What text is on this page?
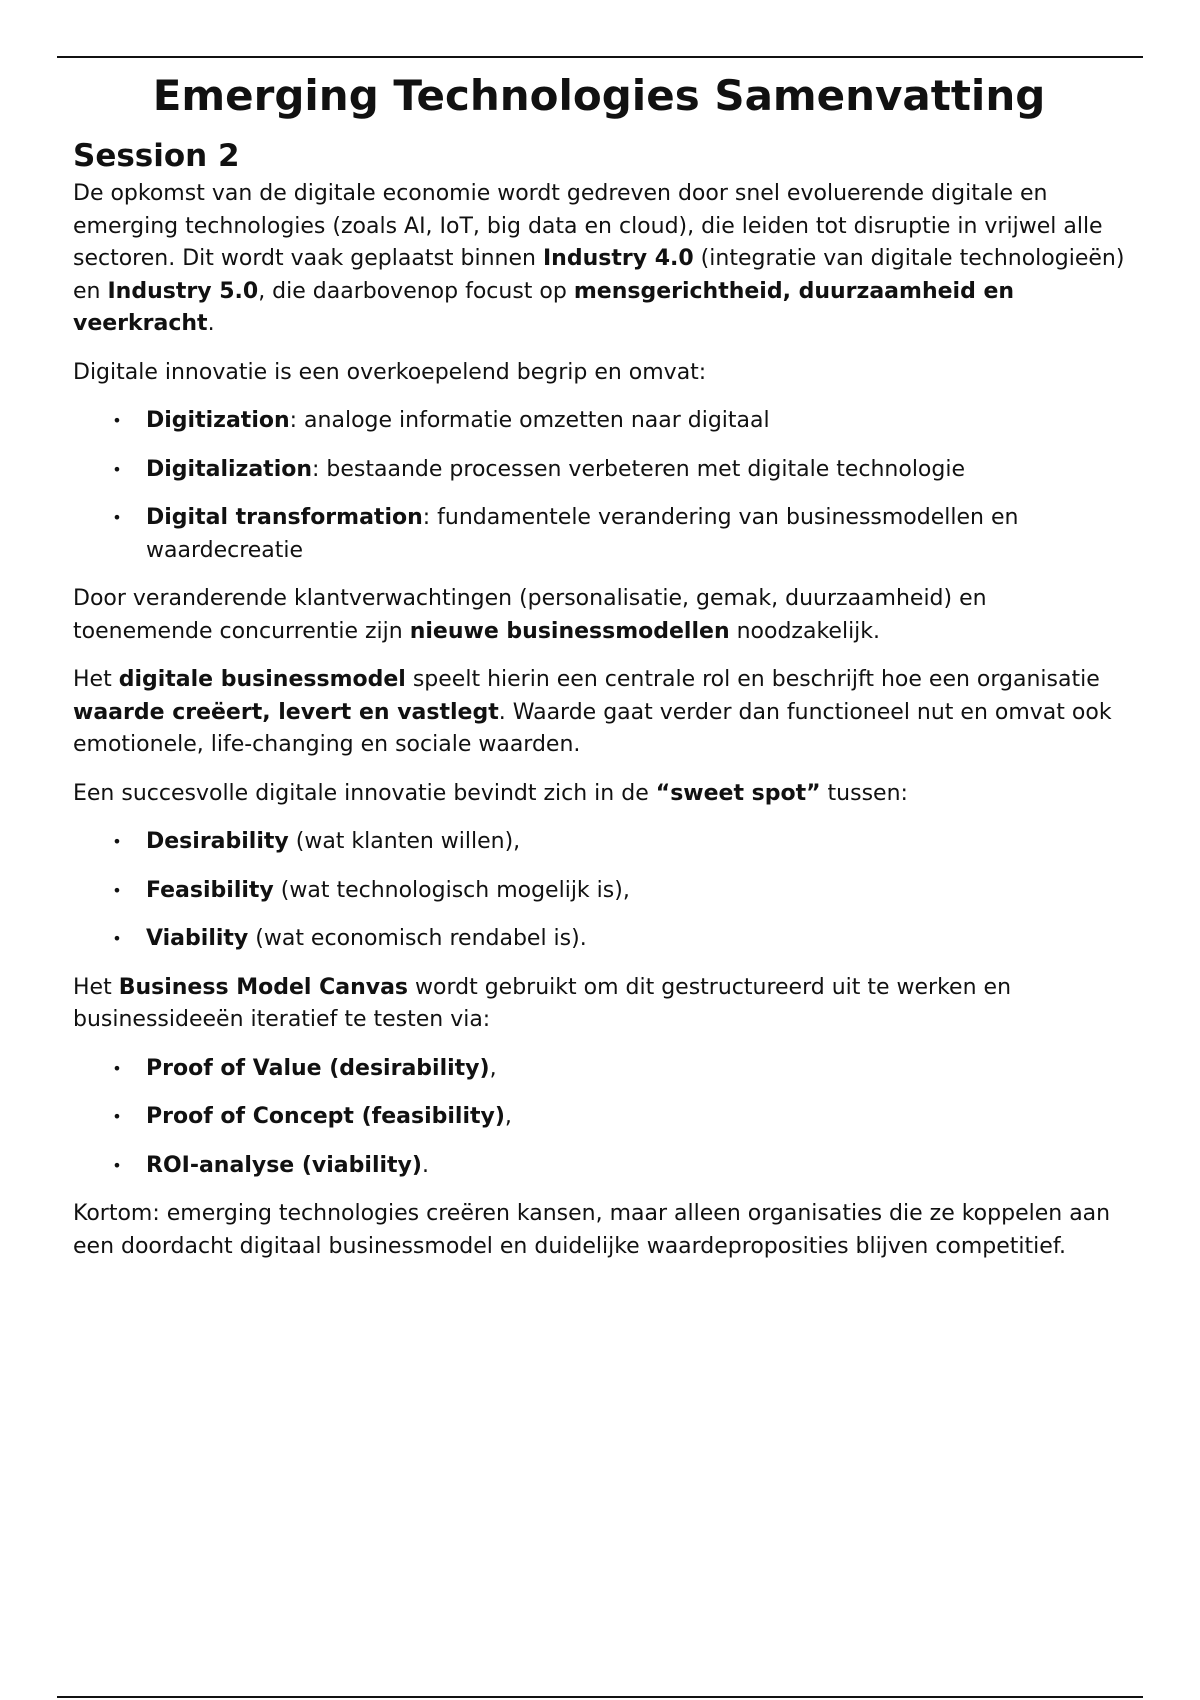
Emerging Technologies Samenvatting
Session 2

De opkomst van de digitale economie wordt gedreven door snel evoluerende digitale en emerging technologies (zoals AI, IoT, big data en cloud), die leiden tot disruptie in vrijwel alle sectoren. Dit wordt vaak geplaatst binnen Industry 4.0 (integratie van digitale technologieën) en Industry 5.0, die daarbovenop focust op mensgerichtheid, duurzaamheid en veerkracht.

Digitale innovatie is een overkoepelend begrip en omvat:

• Digitization: analoge informatie omzetten naar digitaal
• Digitalization: bestaande processen verbeteren met digitale technologie
• Digital transformation: fundamentele verandering van businessmodellen en waardecreatie

Door veranderende klantverwachtingen (personalisatie, gemak, duurzaamheid) en toenemende concurrentie zijn nieuwe businessmodellen noodzakelijk.

Het digitale businessmodel speelt hierin een centrale rol en beschrijft hoe een organisatie waarde creëert, levert en vastlegt. Waarde gaat verder dan functioneel nut en omvat ook emotionele, life-changing en sociale waarden.

Een succesvolle digitale innovatie bevindt zich in de “sweet spot” tussen:

• Desirability (wat klanten willen),
• Feasibility (wat technologisch mogelijk is),
• Viability (wat economisch rendabel is).

Het Business Model Canvas wordt gebruikt om dit gestructureerd uit te werken en businessideeën iteratief te testen via:

• Proof of Value (desirability),
• Proof of Concept (feasibility),
• ROI-analyse (viability).

Kortom: emerging technologies creëren kansen, maar alleen organisaties die ze koppelen aan een doordacht digitaal businessmodel en duidelijke waardeproposities blijven competitief.
